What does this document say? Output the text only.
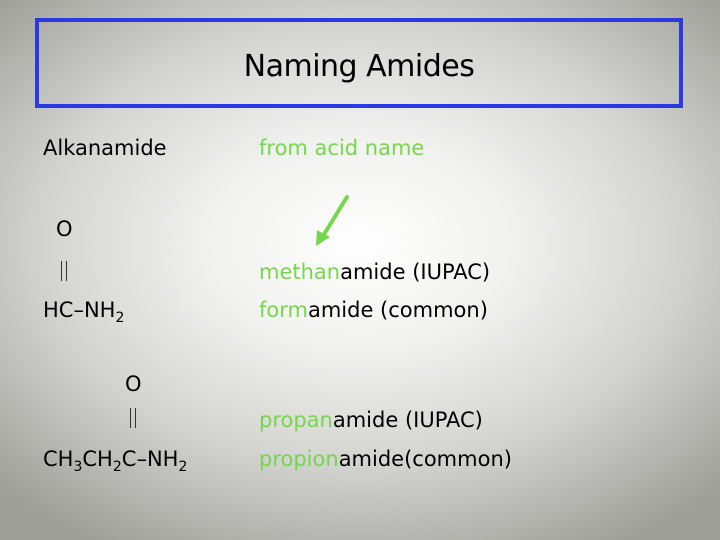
Naming Amides
Alkanamide	from acid name
O
$HC-NH_2$
methanamide (IUPAC)
formamide (common)
O
$CH_3CH_2C-NH_2$
propanamide (IUPAC)
propionamide(common)
